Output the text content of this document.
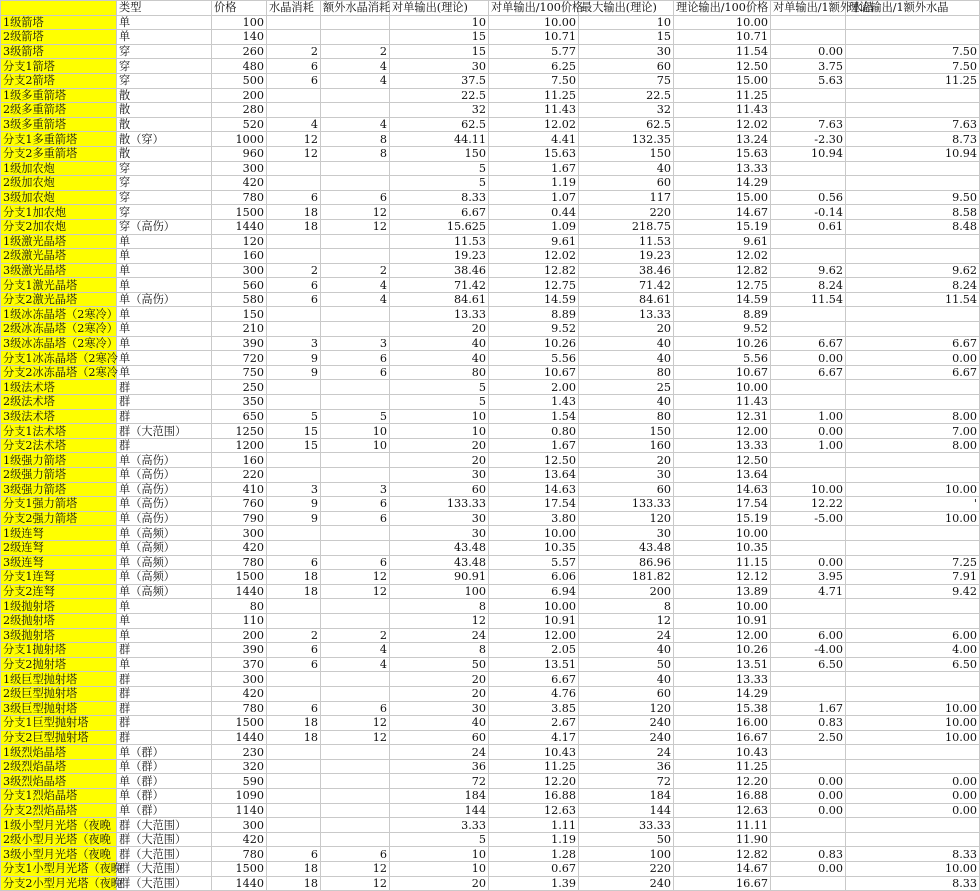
	类型	价格	水晶消耗	额外水晶消耗	对单输出(理论)	对单输出/100价格	最大输出(理论)	理论输出/100价格	对单输出/1额外水晶	理论输出/1额外水晶
1级箭塔	单	100			10	10.00	10	10.00		
2级箭塔	单	140			15	10.71	15	10.71		
3级箭塔	穿	260	2	2	15	5.77	30	11.54	0.00	7.50
分支1箭塔	穿	480	6	4	30	6.25	60	12.50	3.75	7.50
分支2箭塔	穿	500	6	4	37.5	7.50	75	15.00	5.63	11.25
1级多重箭塔	散	200			22.5	11.25	22.5	11.25		
2级多重箭塔	散	280			32	11.43	32	11.43		
3级多重箭塔	散	520	4	4	62.5	12.02	62.5	12.02	7.63	7.63
分支1多重箭塔	散（穿）	1000	12	8	44.11	4.41	132.35	13.24	-2.30	8.73
分支2多重箭塔	散	960	12	8	150	15.63	150	15.63	10.94	10.94
1级加农炮	穿	300			5	1.67	40	13.33		
2级加农炮	穿	420			5	1.19	60	14.29		
3级加农炮	穿	780	6	6	8.33	1.07	117	15.00	0.56	9.50
分支1加农炮	穿	1500	18	12	6.67	0.44	220	14.67	-0.14	8.58
分支2加农炮	穿（高伤）	1440	18	12	15.625	1.09	218.75	15.19	0.61	8.48
1级激光晶塔	单	120			11.53	9.61	11.53	9.61		
2级激光晶塔	单	160			19.23	12.02	19.23	12.02		
3级激光晶塔	单	300	2	2	38.46	12.82	38.46	12.82	9.62	9.62
分支1激光晶塔	单	560	6	4	71.42	12.75	71.42	12.75	8.24	8.24
分支2激光晶塔	单（高伤）	580	6	4	84.61	14.59	84.61	14.59	11.54	11.54
1级冰冻晶塔（2寒冷）	单	150			13.33	8.89	13.33	8.89		
2级冰冻晶塔（2寒冷）	单	210			20	9.52	20	9.52		
3级冰冻晶塔（2寒冷）	单	390	3	3	40	10.26	40	10.26	6.67	6.67
分支1冰冻晶塔（2寒冷	单	720	9	6	40	5.56	40	5.56	0.00	0.00
分支2冰冻晶塔（2寒冷	单	750	9	6	80	10.67	80	10.67	6.67	6.67
1级法术塔	群	250			5	2.00	25	10.00		
2级法术塔	群	350			5	1.43	40	11.43		
3级法术塔	群	650	5	5	10	1.54	80	12.31	1.00	8.00
分支1法术塔	群（大范围）	1250	15	10	10	0.80	150	12.00	0.00	7.00
分支2法术塔	群	1200	15	10	20	1.67	160	13.33	1.00	8.00
1级强力箭塔	单（高伤）	160			20	12.50	20	12.50		
2级强力箭塔	单（高伤）	220			30	13.64	30	13.64		
3级强力箭塔	单（高伤）	410	3	3	60	14.63	60	14.63	10.00	10.00
分支1强力箭塔	单（高伤）	760	9	6	133.33	17.54	133.33	17.54	12.22	'
分支2强力箭塔	单（高伤）	790	9	6	30	3.80	120	15.19	-5.00	10.00
1级连弩	单（高频）	300			30	10.00	30	10.00		
2级连弩	单（高频）	420			43.48	10.35	43.48	10.35		
3级连弩	单（高频）	780	6	6	43.48	5.57	86.96	11.15	0.00	7.25
分支1连弩	单（高频）	1500	18	12	90.91	6.06	181.82	12.12	3.95	7.91
分支2连弩	单（高频）	1440	18	12	100	6.94	200	13.89	4.71	9.42
1级抛射塔	单	80			8	10.00	8	10.00		
2级抛射塔	单	110			12	10.91	12	10.91		
3级抛射塔	单	200	2	2	24	12.00	24	12.00	6.00	6.00
分支1抛射塔	群	390	6	4	8	2.05	40	10.26	-4.00	4.00
分支2抛射塔	单	370	6	4	50	13.51	50	13.51	6.50	6.50
1级巨型抛射塔	群	300			20	6.67	40	13.33		
2级巨型抛射塔	群	420			20	4.76	60	14.29		
3级巨型抛射塔	群	780	6	6	30	3.85	120	15.38	1.67	10.00
分支1巨型抛射塔	群	1500	18	12	40	2.67	240	16.00	0.83	10.00
分支2巨型抛射塔	群	1440	18	12	60	4.17	240	16.67	2.50	10.00
1级烈焰晶塔	单（群）	230			24	10.43	24	10.43		
2级烈焰晶塔	单（群）	320			36	11.25	36	11.25		
3级烈焰晶塔	单（群）	590			72	12.20	72	12.20	0.00	0.00
分支1烈焰晶塔	单（群）	1090			184	16.88	184	16.88	0.00	0.00
分支2烈焰晶塔	单（群）	1140			144	12.63	144	12.63	0.00	0.00
1级小型月光塔（夜晚	群（大范围）	300			3.33	1.11	33.33	11.11		
2级小型月光塔（夜晚	群（大范围）	420			5	1.19	50	11.90		
3级小型月光塔（夜晚	群（大范围）	780	6	6	10	1.28	100	12.82	0.83	8.33
分支1小型月光塔（夜晚	群（大范围）	1500	18	12	10	0.67	220	14.67	0.00	10.00
分支2小型月光塔（夜晚	群（大范围）	1440	18	12	20	1.39	240	16.67		8.33
